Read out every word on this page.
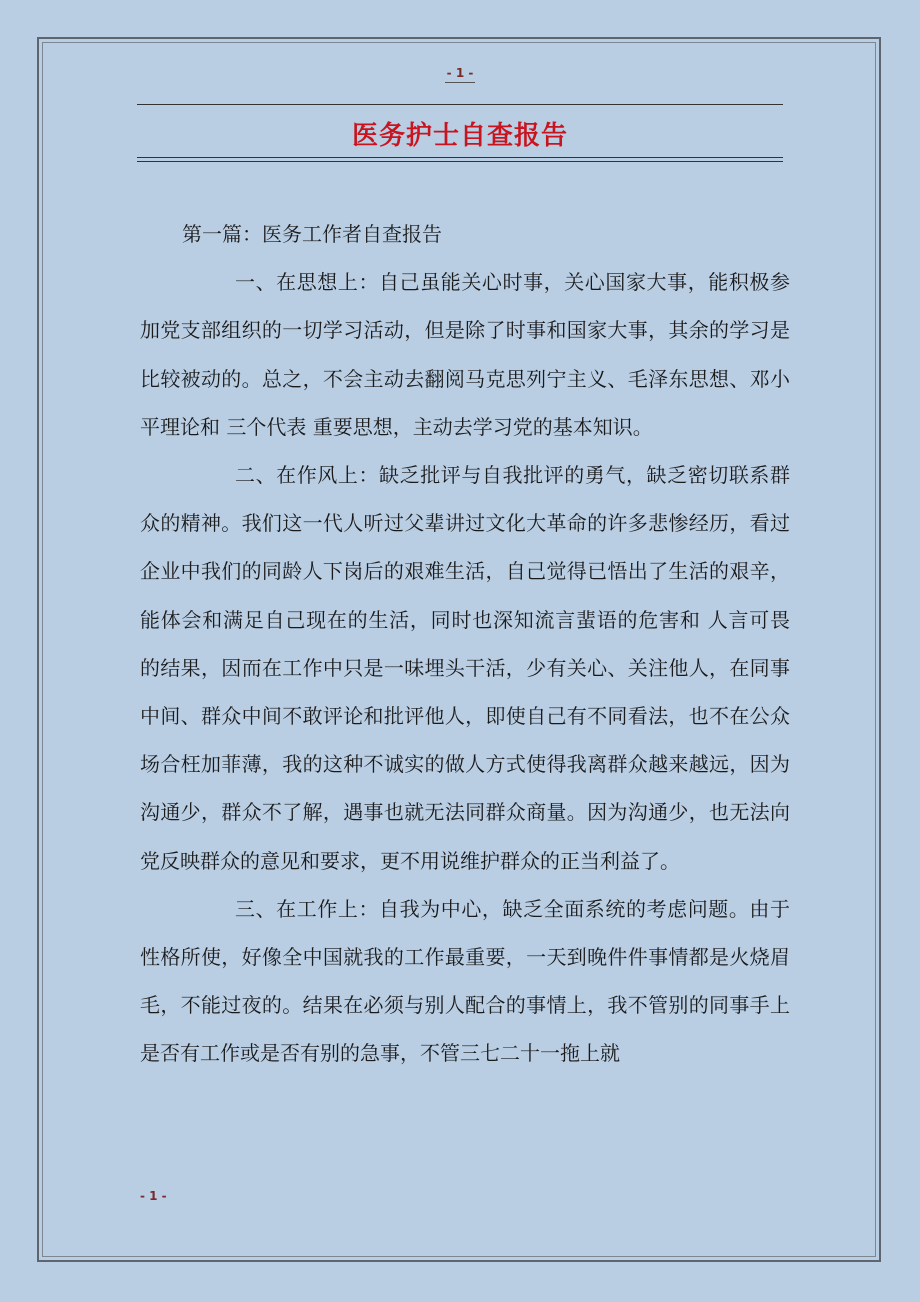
- 1 -
医务护士自查报告
第一篇：医务工作者自查报告
一、在思想上：自己虽能关心时事，关心国家大事，能积极参加党支部组织的一切学习活动，但是除了时事和国家大事，其余的学习是比较被动的。总之，不会主动去翻阅马克思列宁主义、毛泽东思想、邓小平理论和 三个代表 重要思想，主动去学习党的基本知识。
二、在作风上：缺乏批评与自我批评的勇气，缺乏密切联系群众的精神。我们这一代人听过父辈讲过文化大革命的许多悲惨经历，看过企业中我们的同龄人下岗后的艰难生活，自己觉得已悟出了生活的艰辛，能体会和满足自己现在的生活，同时也深知流言蜚语的危害和 人言可畏 的结果，因而在工作中只是一味埋头干活，少有关心、关注他人，在同事中间、群众中间不敢评论和批评他人，即使自己有不同看法，也不在公众场合枉加菲薄，我的这种不诚实的做人方式使得我离群众越来越远，因为沟通少，群众不了解，遇事也就无法同群众商量。因为沟通少，也无法向党反映群众的意见和要求，更不用说维护群众的正当利益了。
三、在工作上：自我为中心，缺乏全面系统的考虑问题。由于性格所使，好像全中国就我的工作最重要，一天到晚件件事情都是火烧眉毛，不能过夜的。结果在必须与别人配合的事情上，我不管别的同事手上是否有工作或是否有别的急事，不管三七二十一拖上就
- 1 -
